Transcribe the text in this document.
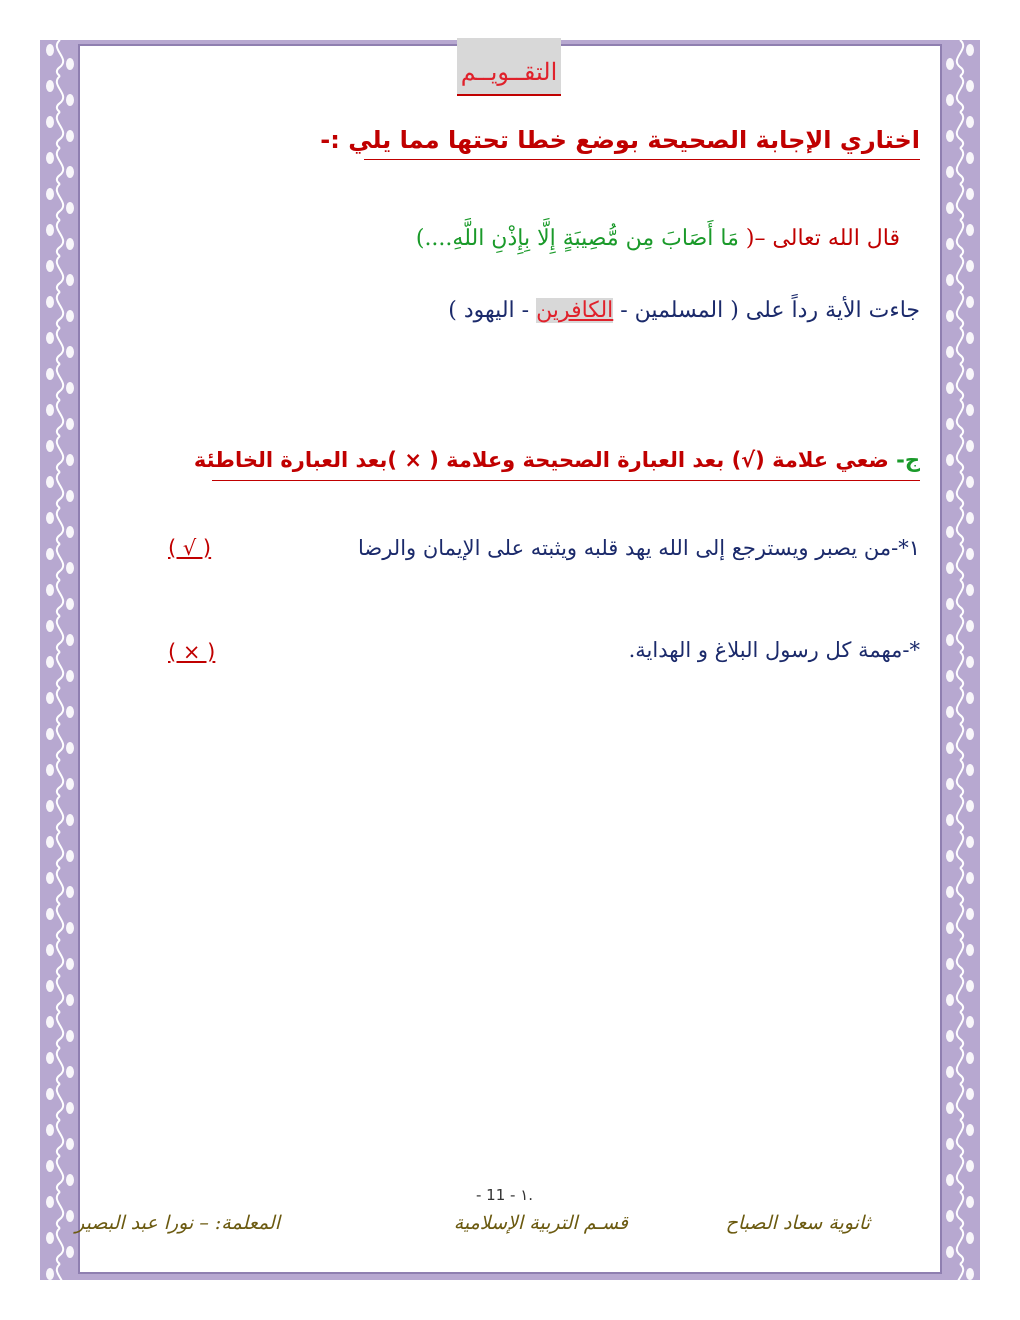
التقــويــم
اختاري الإجابة الصحيحة بوضع خطا تحتها مما يلي :-
قال الله تعالى –( مَا أَصَابَ مِن مُّصِيبَةٍ إِلَّا بِإِذْنِ اللَّهِ....)
جاءت الأية رداً على ( المسلمين - الكافرين - اليهود )
ج- ضعي علامة (√) بعد العبارة الصحيحة وعلامة ( × )بعد العبارة الخاطئة
١*-من يصبر ويسترجع إلى الله يهد قلبه ويثبته على الإيمان والرضا
( √ )
*-مهمة كل رسول البلاغ و الهداية.
( × )
- 11 - ١.
ثانوية سعاد الصباح
قسـم التربية الإسلامية
المعلمة: – نورا عبد البصير
